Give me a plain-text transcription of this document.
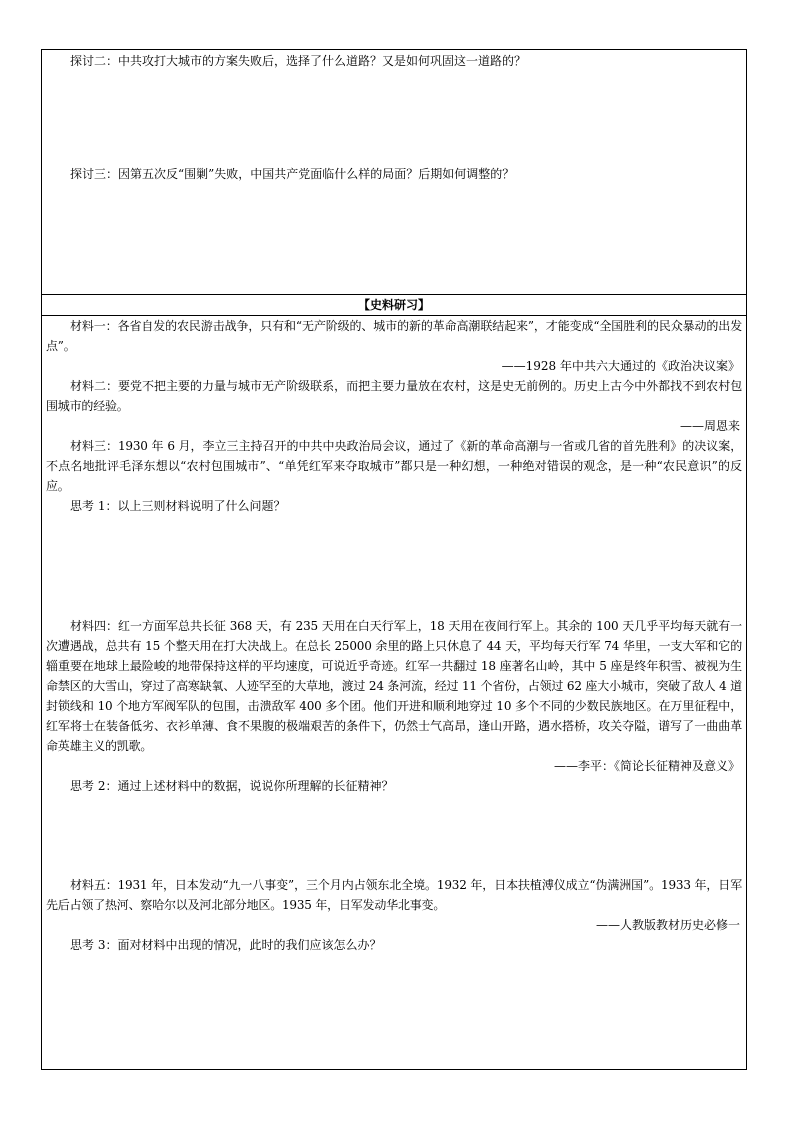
探讨二：中共攻打大城市的方案失败后，选择了什么道路？又是如何巩固这一道路的？

探讨三：因第五次反“围剿”失败，中国共产党面临什么样的局面？后期如何调整的？

【史料研习】

材料一：各省自发的农民游击战争，只有和“无产阶级的、城市的新的革命高潮联结起来”，才能变成“全国胜利的民众暴动的出发点”。

——1928 年中共六大通过的《政治决议案》

材料二：要党不把主要的力量与城市无产阶级联系，而把主要力量放在农村，这是史无前例的。历史上古今中外都找不到农村包围城市的经验。

——周恩来

材料三：1930 年 6 月，李立三主持召开的中共中央政治局会议，通过了《新的革命高潮与一省或几省的首先胜利》的决议案，不点名地批评毛泽东想以“农村包围城市”、“单凭红军来夺取城市”都只是一种幻想，一种绝对错误的观念，是一种“农民意识”的反应。

思考 1：以上三则材料说明了什么问题？

材料四：红一方面军总共长征 368 天，有 235 天用在白天行军上，18 天用在夜间行军上。其余的 100 天几乎平均每天就有一次遭遇战，总共有 15 个整天用在打大决战上。在总长 25000 余里的路上只休息了 44 天，平均每天行军 74 华里，一支大军和它的辎重要在地球上最险峻的地带保持这样的平均速度，可说近乎奇迹。红军一共翻过 18 座著名山岭，其中 5 座是终年积雪、被视为生命禁区的大雪山，穿过了高寒缺氧、人迹罕至的大草地，渡过 24 条河流，经过 11 个省份，占领过 62 座大小城市，突破了敌人 4 道封锁线和 10 个地方军阀军队的包围，击溃敌军 400 多个团。他们开进和顺利地穿过 10 多个不同的少数民族地区。在万里征程中，红军将士在装备低劣、衣衫单薄、食不果腹的极端艰苦的条件下，仍然士气高昂，逢山开路，遇水搭桥，攻关夺隘，谱写了一曲曲革命英雄主义的凯歌。

——李平：《简论长征精神及意义》

思考 2：通过上述材料中的数据，说说你所理解的长征精神？

材料五：1931 年，日本发动“九一八事变”，三个月内占领东北全境。1932 年，日本扶植溥仪成立“伪满洲国”。1933 年，日军先后占领了热河、察哈尔以及河北部分地区。1935 年，日军发动华北事变。

——人教版教材历史必修一

思考 3：面对材料中出现的情况，此时的我们应该怎么办？
